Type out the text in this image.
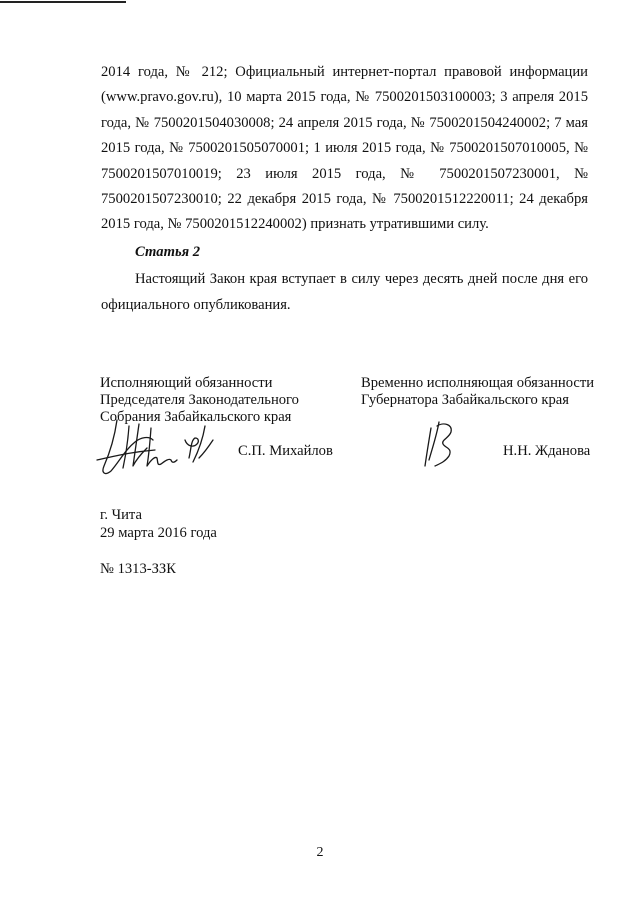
2014 года, № 212; Официальный интернет-портал правовой информации (www.pravo.gov.ru), 10 марта 2015 года, № 7500201503100003; 3 апреля 2015 года, № 7500201504030008; 24 апреля 2015 года, № 7500201504240002; 7 мая 2015 года, № 7500201505070001; 1 июля 2015 года, № 7500201507010005, № 7500201507010019; 23 июля 2015 года, № 7500201507230001, № 7500201507230010; 22 декабря 2015 года, № 7500201512220011; 24 декабря 2015 года, № 7500201512240002) признать утратившими силу.

Статья 2

Настоящий Закон края вступает в силу через десять дней после дня его официального опубликования.

Исполняющий обязанности
Председателя Законодательного
Собрания Забайкальского края
Временно исполняющая обязанности
Губернатора Забайкальского края
С.П. Михайлов	Н.Н. Жданова
г. Чита
29 марта 2016 года
№ 1313-ЗЗК
2
